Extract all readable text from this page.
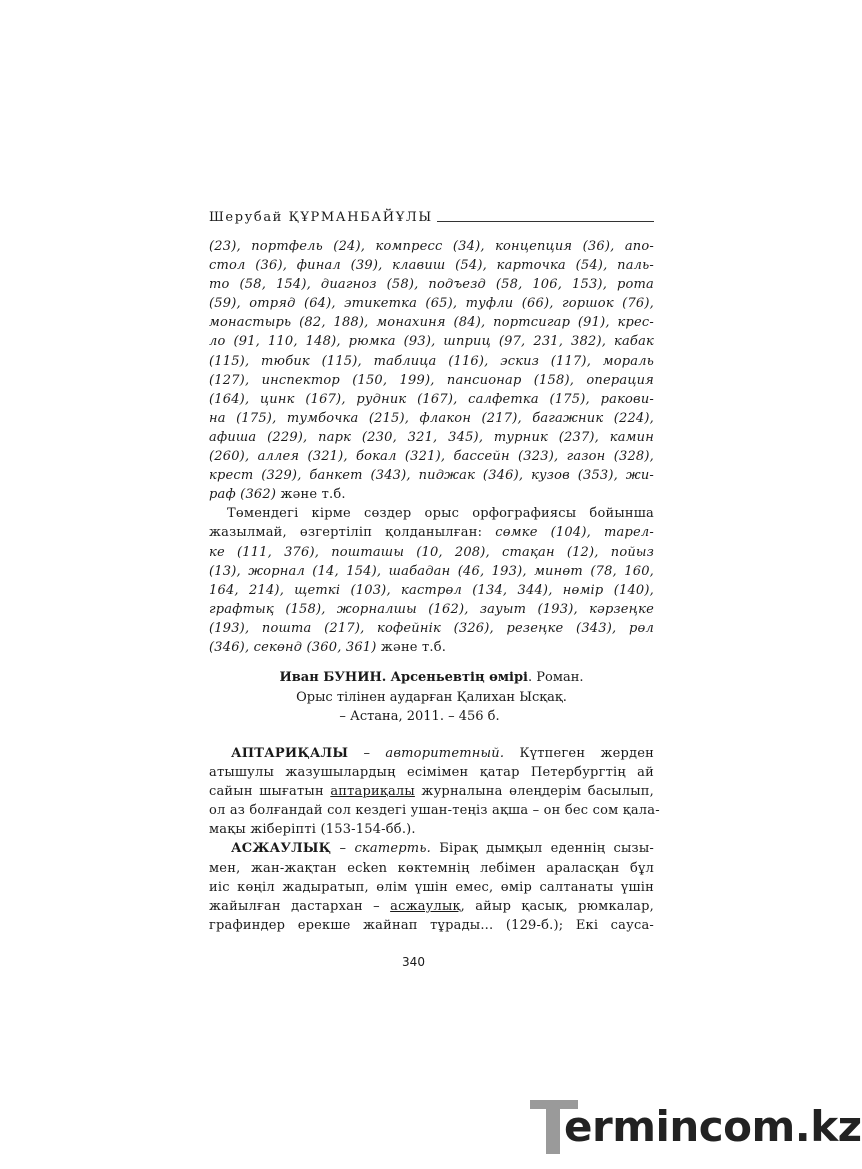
Шерубай ҚҰРМАНБАЙҰЛЫ
(23), портфель (24), компресс (34), концепция (36), апо-
стол (36), финал (39), клавиш (54), карточка (54), паль-
то (58, 154), диагноз (58), подъезд (58, 106, 153), рота
(59), отряд (64), этикетка (65), туфли (66), горшок (76),
монастырь (82, 188), монахиня (84), портсигар (91), крес-
ло (91, 110, 148), рюмка (93), шприц (97, 231, 382), кабак
(115), тюбик (115), таблица (116), эскиз (117), мораль
(127), инспектор (150, 199), пансионар (158), операция
(164), цинк (167), рудник (167), салфетка (175), ракови-
на (175), тумбочка (215), флакон (217), багажник (224),
афиша (229), парк (230, 321, 345), турник (237), камин
(260), аллея (321), бокал (321), бассейн (323), газон (328),
крест (329), банкет (343), пиджак (346), кузов (353), жи-
раф (362) және т.б.
Төмендегі кірме сөздер орыс орфографиясы бойынша
жазылмай, өзгертіліп қолданылған: сөмке (104), тарел-
ке (111, 376), пошташы (10, 208), стақан (12), пойыз
(13), жорнал (14, 154), шабадан (46, 193), минөт (78, 160,
164, 214), щеткі (103), кастрөл (134, 344), нөмір (140),
графтық (158), жорналшы (162), зауыт (193), кәрзеңке
(193), пошта (217), кофейнік (326), резеңке (343), рөл
(346), секөнд (360, 361) және т.б.
Иван БУНИН. Арсеньевтің өмірі. Роман.
Орыс тілінен аударған Қалихан Ысқақ.
– Астана, 2011. – 456 б.
АПТАРИҚАЛЫ – авторитетный. Күтпеген жерден
атышулы жазушылардың есімімен қатар Петербургтің ай
сайын шығатын аптариқалы журналына өлеңдерім басылып,
ол аз болғандай сол кездегі ушан-теңіз ақша – он бес сом қала-
мақы жіберіпті (153-154-бб.).
АСЖАУЛЫҚ – скатерть. Бірақ дымқыл еденнің сызы-
мен, жан-жақтан есken көктемнің лебімен араласқан бұл
иіс көңіл жадыратып, өлім үшін емес, өмір салтанаты үшін
жайылған дастархан – асжаулық, айыр қасық, рюмкалар,
графиндер ерекше жайнап тұрады... (129-б.); Екі сауса-
340
ermincom.kz
